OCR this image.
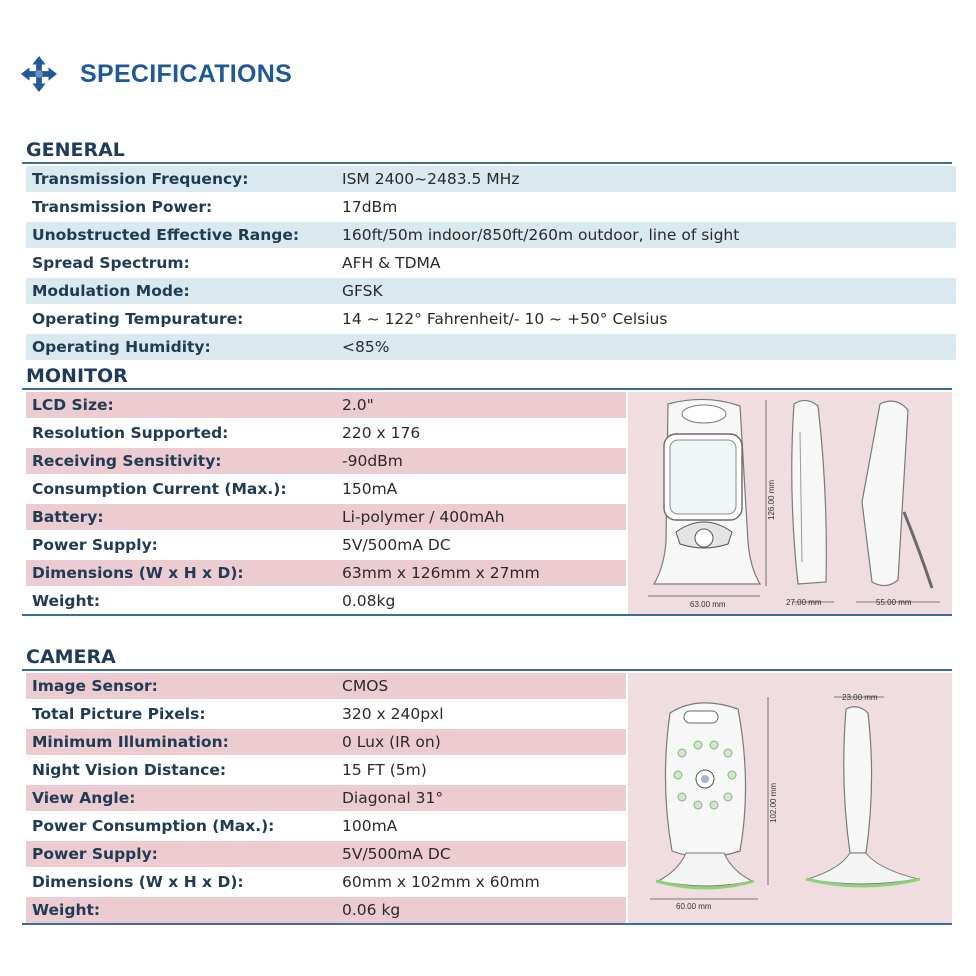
SPECIFICATIONS
GENERAL
Transmission Frequency:	ISM 2400~2483.5 MHz
Transmission Power:	17dBm
Unobstructed Effective Range:	160ft/50m indoor/850ft/260m outdoor, line of sight
Spread Spectrum:	AFH & TDMA
Modulation Mode:	GFSK
Operating Tempurature:	14 ~ 122° Fahrenheit/- 10 ~ +50° Celsius
Operating Humidity:	<85%
MONITOR
LCD Size:	2.0"
Resolution Supported:	220 x 176
Receiving Sensitivity:	-90dBm
Consumption Current (Max.):	150mA
Battery:	Li-polymer / 400mAh
Power Supply:	5V/500mA DC
Dimensions (W x H x D):	63mm x 126mm x 27mm
Weight:	0.08kg	63.00 mm	27.00 mm	55.00 mm
126.00 mm
CAMERA
Image Sensor:	CMOS
Total Picture Pixels:	320 x 240pxl
Minimum Illumination:	0 Lux (IR on)
Night Vision Distance:	15 FT (5m)
View Angle:	Diagonal 31°
Power Consumption (Max.):	100mA
Power Supply:	5V/500mA DC
Dimensions (W x H x D):	60mm x 102mm x 60mm
Weight:	0.06 kg	60.00 mm
23.00 mm
102.00 mm
